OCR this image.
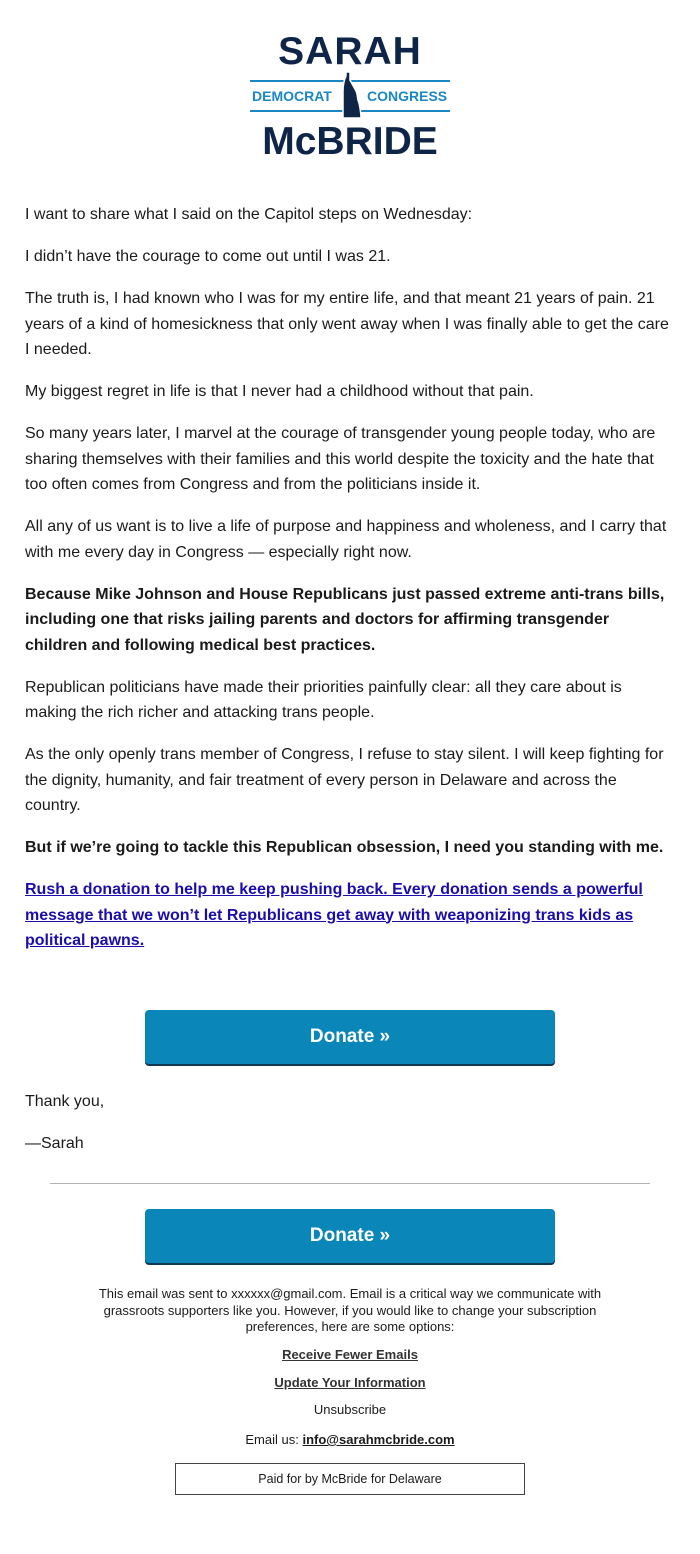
SARAH
DEMOCRAT	CONGRESS
McBRIDE

I want to share what I said on the Capitol steps on Wednesday:

I didn’t have the courage to come out until I was 21.

The truth is, I had known who I was for my entire life, and that meant 21 years of pain. 21 years of a kind of homesickness that only went away when I was finally able to get the care I needed.

My biggest regret in life is that I never had a childhood without that pain.

So many years later, I marvel at the courage of transgender young people today, who are sharing themselves with their families and this world despite the toxicity and the hate that too often comes from Congress and from the politicians inside it.

All any of us want is to live a life of purpose and happiness and wholeness, and I carry that with me every day in Congress — especially right now.

Because Mike Johnson and House Republicans just passed extreme anti-trans bills, including one that risks jailing parents and doctors for affirming transgender children and following medical best practices.

Republican politicians have made their priorities painfully clear: all they care about is making the rich richer and attacking trans people.

As the only openly trans member of Congress, I refuse to stay silent. I will keep fighting for the dignity, humanity, and fair treatment of every person in Delaware and across the country.

But if we’re going to tackle this Republican obsession, I need you standing with me.

Rush a donation to help me keep pushing back. Every donation sends a powerful message that we won’t let Republicans get away with weaponizing trans kids as political pawns.

Donate »
Thank you,
—Sarah
Donate »
This email was sent to xxxxxx@gmail.com. Email is a critical way we communicate with grassroots supporters like you. However, if you would like to change your subscription preferences, here are some options:
Receive Fewer Emails
Update Your Information
Unsubscribe
Email us: info@sarahmcbride.com
Paid for by McBride for Delaware
